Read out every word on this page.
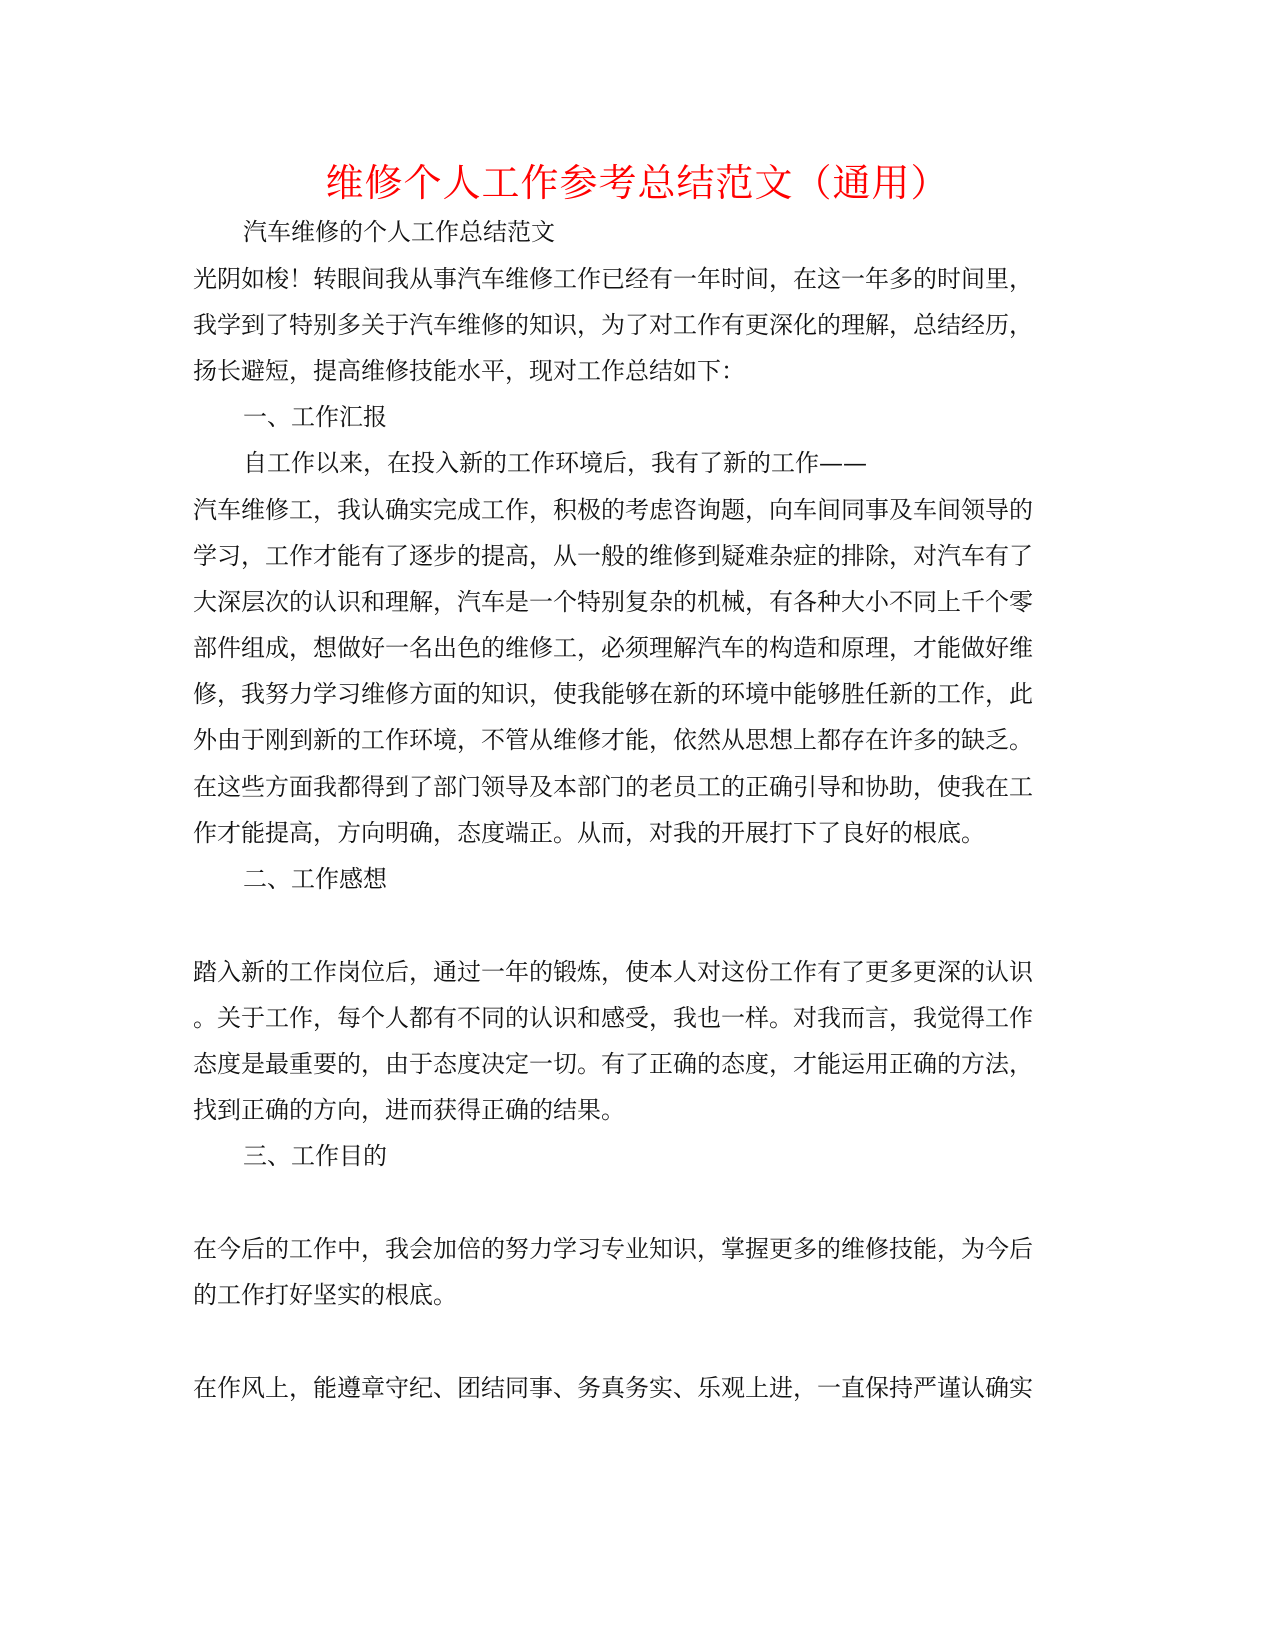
维修个人工作参考总结范文（通用）
汽车维修的个人工作总结范文
光阴如梭！转眼间我从事汽车维修工作已经有一年时间，在这一年多的时间里，
我学到了特别多关于汽车维修的知识，为了对工作有更深化的理解，总结经历，
扬长避短，提高维修技能水平，现对工作总结如下：
一、工作汇报
自工作以来，在投入新的工作环境后，我有了新的工作——
汽车维修工，我认确实完成工作，积极的考虑咨询题，向车间同事及车间领导的
学习，工作才能有了逐步的提高，从一般的维修到疑难杂症的排除，对汽车有了
大深层次的认识和理解，汽车是一个特别复杂的机械，有各种大小不同上千个零
部件组成，想做好一名出色的维修工，必须理解汽车的构造和原理，才能做好维
修，我努力学习维修方面的知识，使我能够在新的环境中能够胜任新的工作，此
外由于刚到新的工作环境，不管从维修才能，依然从思想上都存在许多的缺乏。
在这些方面我都得到了部门领导及本部门的老员工的正确引导和协助，使我在工
作才能提高，方向明确，态度端正。从而，对我的开展打下了良好的根底。
二、工作感想
踏入新的工作岗位后，通过一年的锻炼，使本人对这份工作有了更多更深的认识
。关于工作，每个人都有不同的认识和感受，我也一样。对我而言，我觉得工作
态度是最重要的，由于态度决定一切。有了正确的态度，才能运用正确的方法，
找到正确的方向，进而获得正确的结果。
三、工作目的
在今后的工作中，我会加倍的努力学习专业知识，掌握更多的维修技能，为今后
的工作打好坚实的根底。
在作风上，能遵章守纪、团结同事、务真务实、乐观上进，一直保持严谨认确实
